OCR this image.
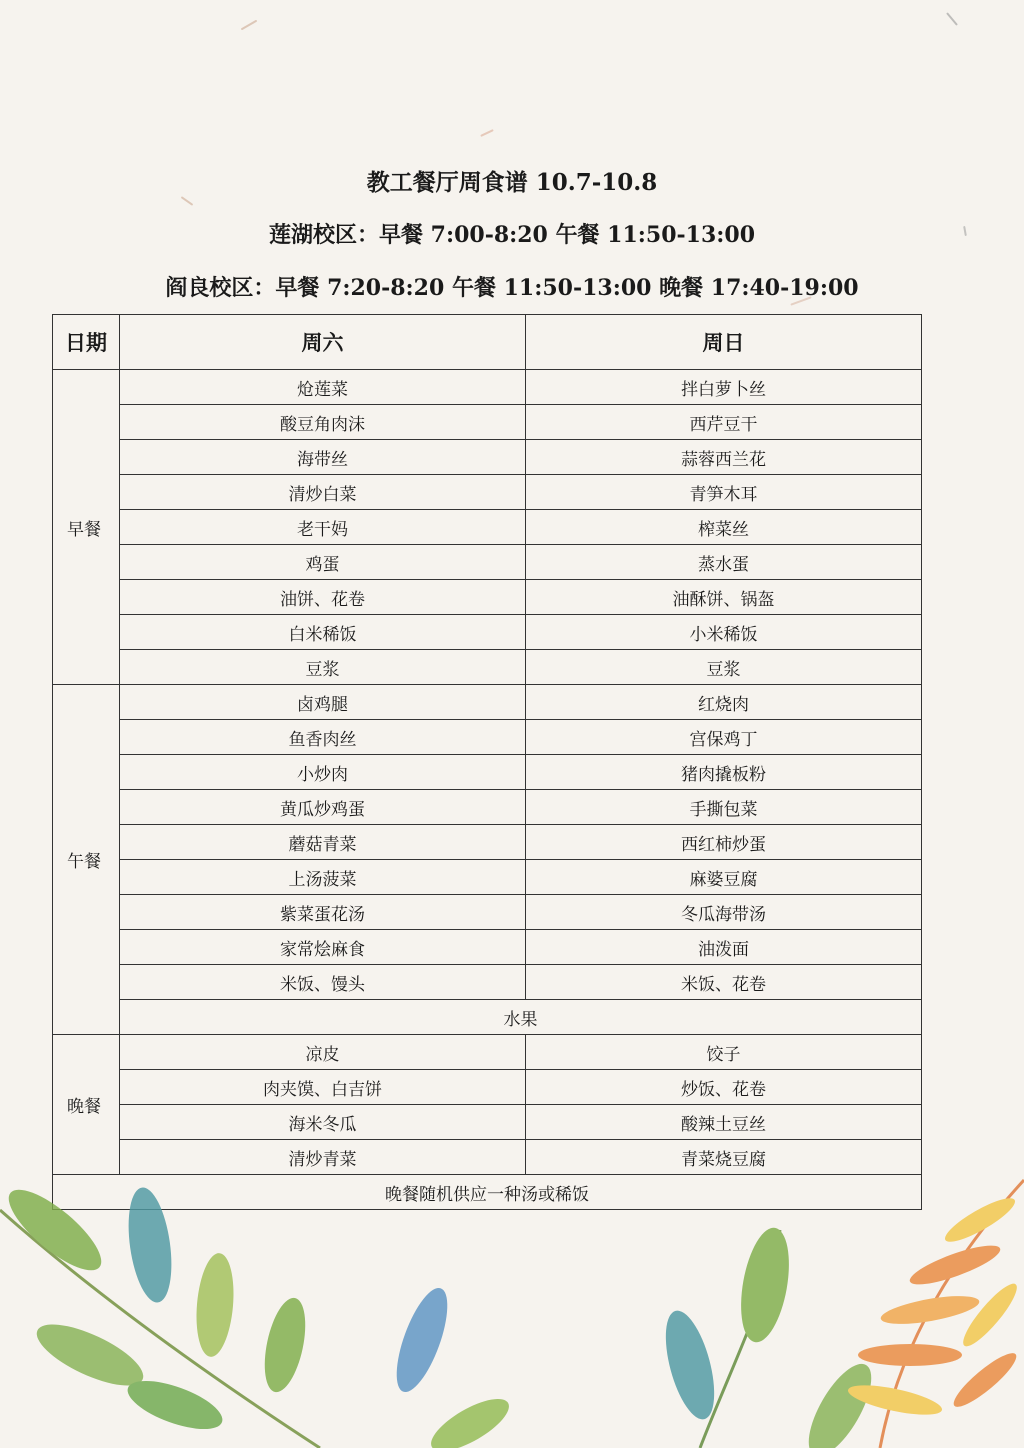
教工餐厅周食谱 10.7-10.8
莲湖校区：早餐 7:00-8:20 午餐 11:50-13:00
阎良校区：早餐 7:20-8:20 午餐 11:50-13:00 晚餐 17:40-19:00
日期	周六	周日
早餐	炝莲菜	拌白萝卜丝
	酸豆角肉沫	西芹豆干
	海带丝	蒜蓉西兰花
	清炒白菜	青笋木耳
	老干妈	榨菜丝
	鸡蛋	蒸水蛋
	油饼、花卷	油酥饼、锅盔
	白米稀饭	小米稀饭
	豆浆	豆浆
午餐	卤鸡腿	红烧肉
	鱼香肉丝	宫保鸡丁
	小炒肉	猪肉撬板粉
	黄瓜炒鸡蛋	手撕包菜
	蘑菇青菜	西红柿炒蛋
	上汤菠菜	麻婆豆腐
	紫菜蛋花汤	冬瓜海带汤
	家常烩麻食	油泼面
	米饭、馒头	米饭、花卷
	水果	
晚餐	凉皮	饺子
	肉夹馍、白吉饼	炒饭、花卷
	海米冬瓜	酸辣土豆丝
	清炒青菜	青菜烧豆腐
晚餐随机供应一种汤或稀饭		
